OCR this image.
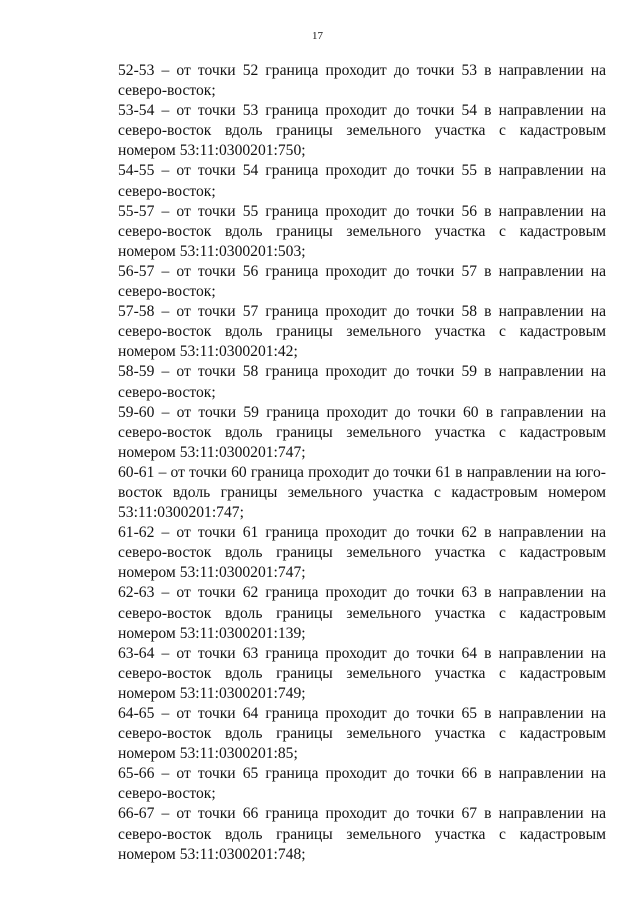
17

52-53 – от точки 52 граница проходит до точки 53 в направлении на северо-восток;

53-54 – от точки 53 граница проходит до точки 54 в направлении на северо-восток вдоль границы земельного участка с кадастровым номером 53:11:0300201:750;

54-55 – от точки 54 граница проходит до точки 55 в направлении на северо-восток;

55-57 – от точки 55 граница проходит до точки 56 в направлении на северо-восток вдоль границы земельного участка с кадастровым номером 53:11:0300201:503;

56-57 – от точки 56 граница проходит до точки 57 в направлении на северо-восток;

57-58 – от точки 57 граница проходит до точки 58 в направлении на северо-восток вдоль границы земельного участка с кадастровым номером 53:11:0300201:42;

58-59 – от точки 58 граница проходит до точки 59 в направлении на северо-восток;

59-60 – от точки 59 граница проходит до точки 60 в гаправлении на северо-восток вдоль границы земельного участка с кадастровым номером 53:11:0300201:747;

60-61 – от точки 60 граница проходит до точки 61 в направлении на юго-восток вдоль границы земельного участка с кадастровым номером 53:11:0300201:747;

61-62 – от точки 61 граница проходит до точки 62 в направлении на северо-восток вдоль границы земельного участка с кадастровым номером 53:11:0300201:747;

62-63 – от точки 62 граница проходит до точки 63 в направлении на северо-восток вдоль границы земельного участка с кадастровым номером 53:11:0300201:139;

63-64 – от точки 63 граница проходит до точки 64 в направлении на северо-восток вдоль границы земельного участка с кадастровым номером 53:11:0300201:749;

64-65 – от точки 64 граница проходит до точки 65 в направлении на северо-восток вдоль границы земельного участка с кадастровым номером 53:11:0300201:85;

65-66 – от точки 65 граница проходит до точки 66 в направлении на северо-восток;

66-67 – от точки 66 граница проходит до точки 67 в направлении на северо-восток вдоль границы земельного участка с кадастровым номером 53:11:0300201:748;
